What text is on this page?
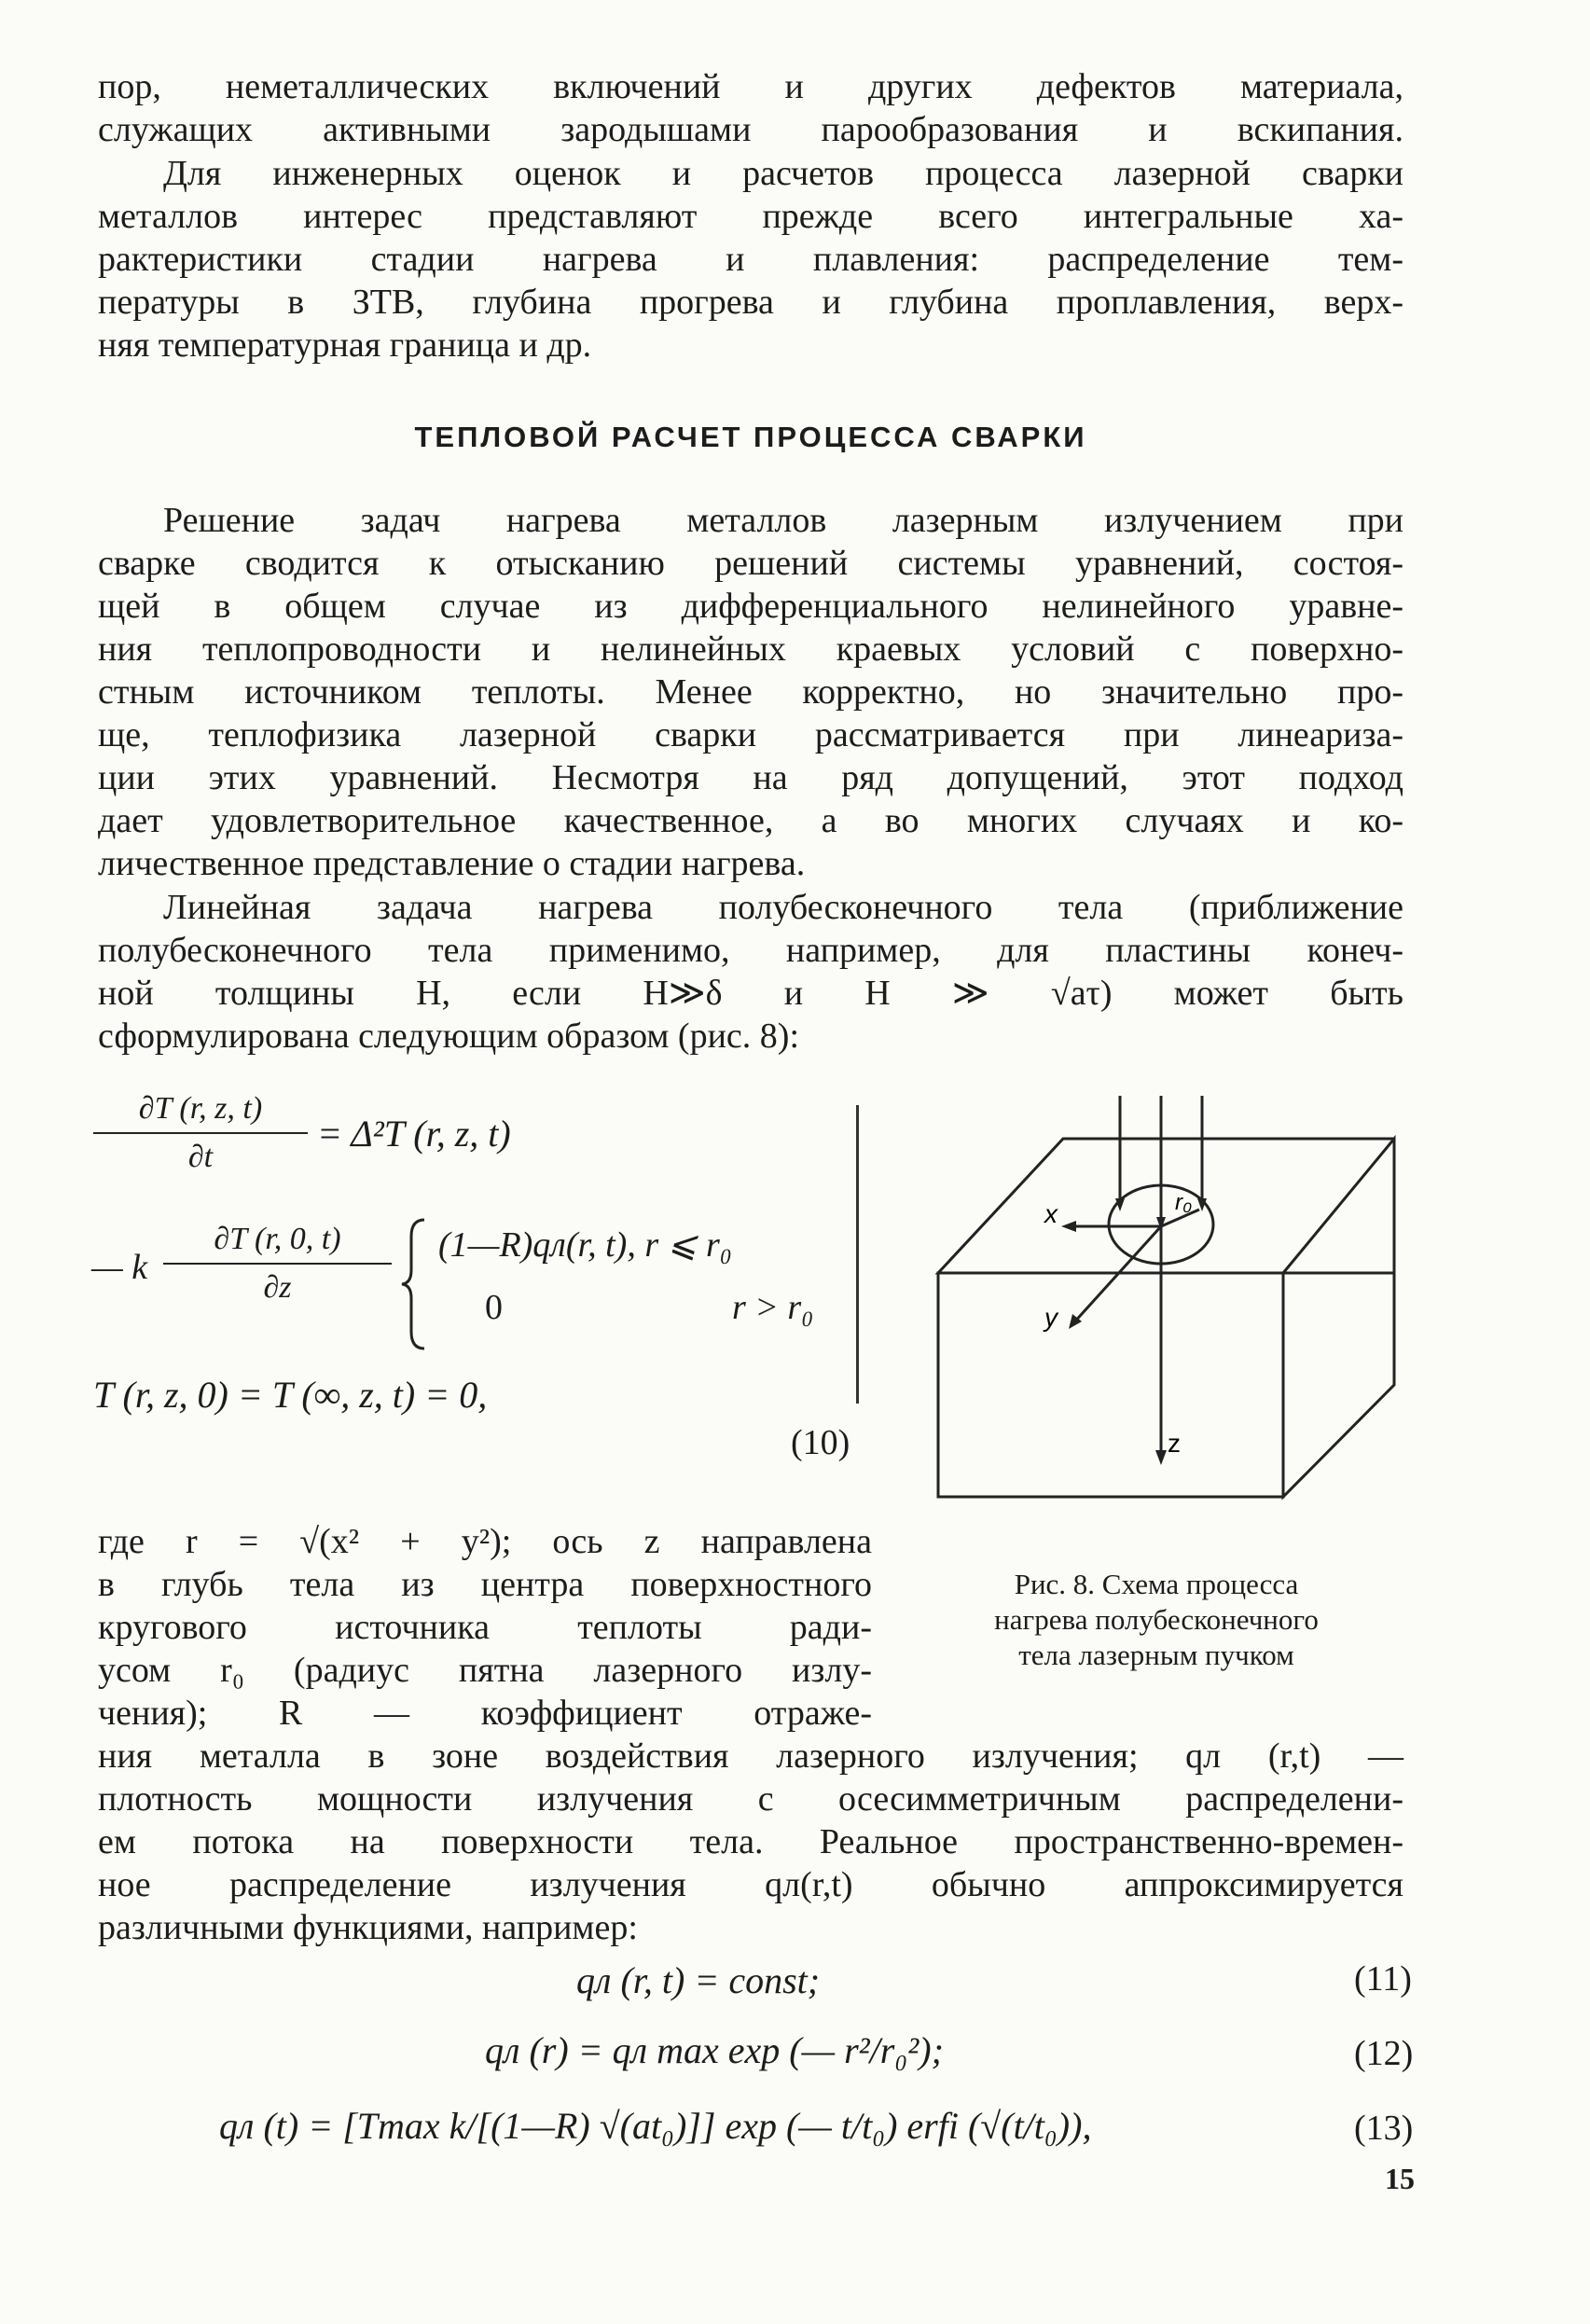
пор, неметаллических включений и других дефектов материала,
служащих активными зародышами парообразования и вскипания.
Для инженерных оценок и расчетов процесса лазерной сварки
металлов интерес представляют прежде всего интегральные ха-
рактеристики стадии нагрева и плавления: распределение тем-
пературы в ЗТВ, глубина прогрева и глубина проплавления, верх-
няя температурная граница и др.
ТЕПЛОВОЙ РАСЧЕТ ПРОЦЕССА СВАРКИ
Решение задач нагрева металлов лазерным излучением при
сварке сводится к отысканию решений системы уравнений, состоя-
щей в общем случае из дифференциального нелинейного уравне-
ния теплопроводности и нелинейных краевых условий с поверхно-
стным источником теплоты. Менее корректно, но значительно про-
ще, теплофизика лазерной сварки рассматривается при линеариза-
ции этих уравнений. Несмотря на ряд допущений, этот подход
дает удовлетворительное качественное, а во многих случаях и ко-
личественное представление о стадии нагрева.
Линейная задача нагрева полубесконечного тела (приближение
полубесконечного тела применимо, например, для пластины конеч-
ной толщины H, если H≫δ и H ≫ √aτ) может быть
сформулирована следующим образом (рис. 8):
$\frac{\partial T (r, z, t)}{\partial t} = \Delta^2T$ (r, z, t)
— k $\frac{\partial T (r, 0, t)}{\partial z}$ (1—R)qл(r, t), r ⩽ r₀
0	r > r₀
T (r, z, 0) = T (∞, z, t) = 0,
(10)
x
y
z
r₀
Рис. 8. Схема процесса
нагрева полубесконечного
тела лазерным пучком
где r = √(x² + y²); ось z направлена
в глубь тела из центра поверхностного
кругового источника теплоты ради-
усом r₀ (радиус пятна лазерного излу-
чения); R — коэффициент отраже-
ния металла в зоне воздействия лазерного излучения; qл (r,t) —
плотность мощности излучения с осесимметричным распределени-
ем потока на поверхности тела. Реальное пространственно-времен-
ное распределение излучения qл(r,t) обычно аппроксимируется
различными функциями, например:
qл (r, t) = const;	(11)
qл (r) = qл max exp (— r²/r₀²);	(12)
qл (t) = [Tmax k/[(1—R) √(at₀)]] exp (— t/t₀) erfi (√(t/t₀)),	(13)
15
